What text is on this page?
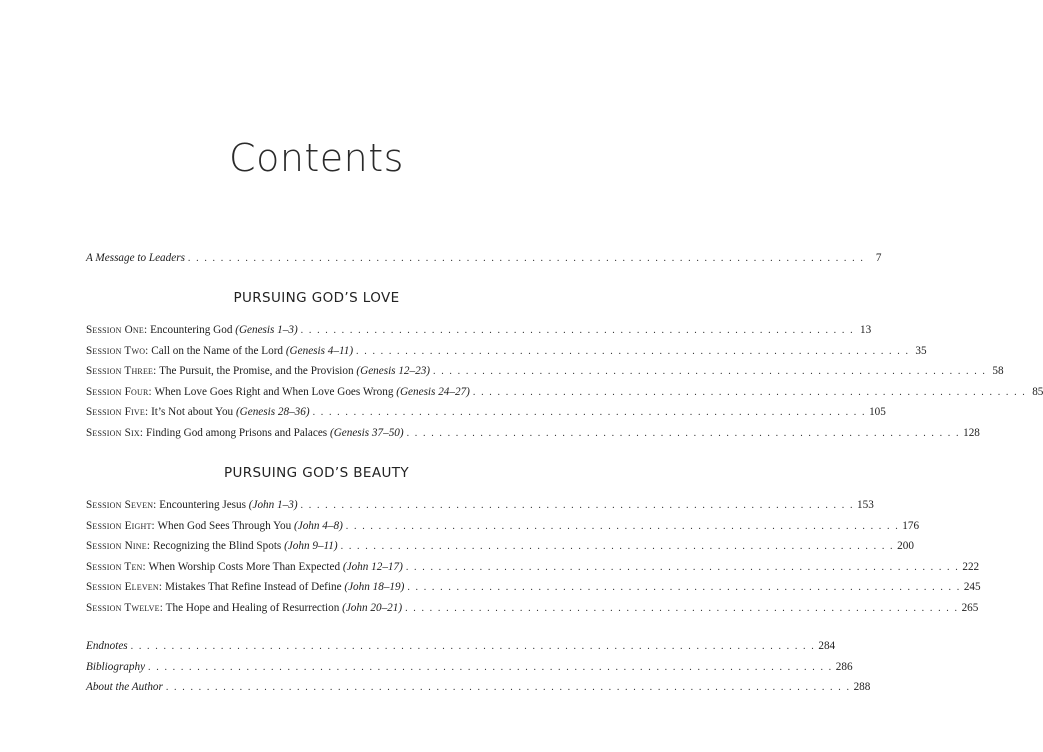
Contents
A Message to Leaders . . . . . . . . . . . . . . . . . . . . . . . . . . . . . . . . . . . . . . . . . . . . . . . . . . . . . . . . . . . . . . . . . . . . . . . . . . . . . . . . . . .	7
PURSUING GOD’S LOVE
Session One: Encountering God (Genesis 1–3) . . . . . . . . . . . . . . . . . . . . . . . . . . . . . . . . . . . . . . . . . . . . . . . . . . . . . . . . . . . . . . . . . . . . 13
Session Two: Call on the Name of the Lord (Genesis 4–11) . . . . . . . . . . . . . . . . . . . . . . . . . . . . . . . . . . . . . . . . . . . . . . . . . . . . . . . . . . . . . . . . . . . . 35
Session Three: The Pursuit, the Promise, and the Provision (Genesis 12–23) . . . . . . . . . . . . . . . . . . . . . . . . . . . . . . . . . . . . . . . . . . . . . . . . . . . . . . . . . . . . . . . . . . . . 58
Session Four: When Love Goes Right and When Love Goes Wrong (Genesis 24–27) . . . . . . . . . . . . . . . . . . . . . . . . . . . . . . . . . . . . . . . . . . . . . . . . . . . . . . . . . . . . . . . . . . . . 85
Session Five: It’s Not about You (Genesis 28–36) . . . . . . . . . . . . . . . . . . . . . . . . . . . . . . . . . . . . . . . . . . . . . . . . . . . . . . . . . . . . . . . . . . . . 105
Session Six: Finding God among Prisons and Palaces (Genesis 37–50) . . . . . . . . . . . . . . . . . . . . . . . . . . . . . . . . . . . . . . . . . . . . . . . . . . . . . . . . . . . . . . . . . . . . 128
PURSUING GOD’S BEAUTY
Session Seven: Encountering Jesus (John 1–3) . . . . . . . . . . . . . . . . . . . . . . . . . . . . . . . . . . . . . . . . . . . . . . . . . . . . . . . . . . . . . . . . . . . . 153
Session Eight: When God Sees Through You (John 4–8) . . . . . . . . . . . . . . . . . . . . . . . . . . . . . . . . . . . . . . . . . . . . . . . . . . . . . . . . . . . . . . . . . . . . 176
Session Nine: Recognizing the Blind Spots (John 9–11) . . . . . . . . . . . . . . . . . . . . . . . . . . . . . . . . . . . . . . . . . . . . . . . . . . . . . . . . . . . . . . . . . . . . 200
Session Ten: When Worship Costs More Than Expected (John 12–17) . . . . . . . . . . . . . . . . . . . . . . . . . . . . . . . . . . . . . . . . . . . . . . . . . . . . . . . . . . . . . . . . . . . . 222
Session Eleven: Mistakes That Refine Instead of Define (John 18–19) . . . . . . . . . . . . . . . . . . . . . . . . . . . . . . . . . . . . . . . . . . . . . . . . . . . . . . . . . . . . . . . . . . . . 245
Session Twelve: The Hope and Healing of Resurrection (John 20–21) . . . . . . . . . . . . . . . . . . . . . . . . . . . . . . . . . . . . . . . . . . . . . . . . . . . . . . . . . . . . . . . . . . . . 265
Endnotes . . . . . . . . . . . . . . . . . . . . . . . . . . . . . . . . . . . . . . . . . . . . . . . . . . . . . . . . . . . . . . . . . . . . . . . . . . . . . . . . . . . . 284
Bibliography . . . . . . . . . . . . . . . . . . . . . . . . . . . . . . . . . . . . . . . . . . . . . . . . . . . . . . . . . . . . . . . . . . . . . . . . . . . . . . . . . . . . 286
About the Author . . . . . . . . . . . . . . . . . . . . . . . . . . . . . . . . . . . . . . . . . . . . . . . . . . . . . . . . . . . . . . . . . . . . . . . . . . . . . . . . . . . . 288
